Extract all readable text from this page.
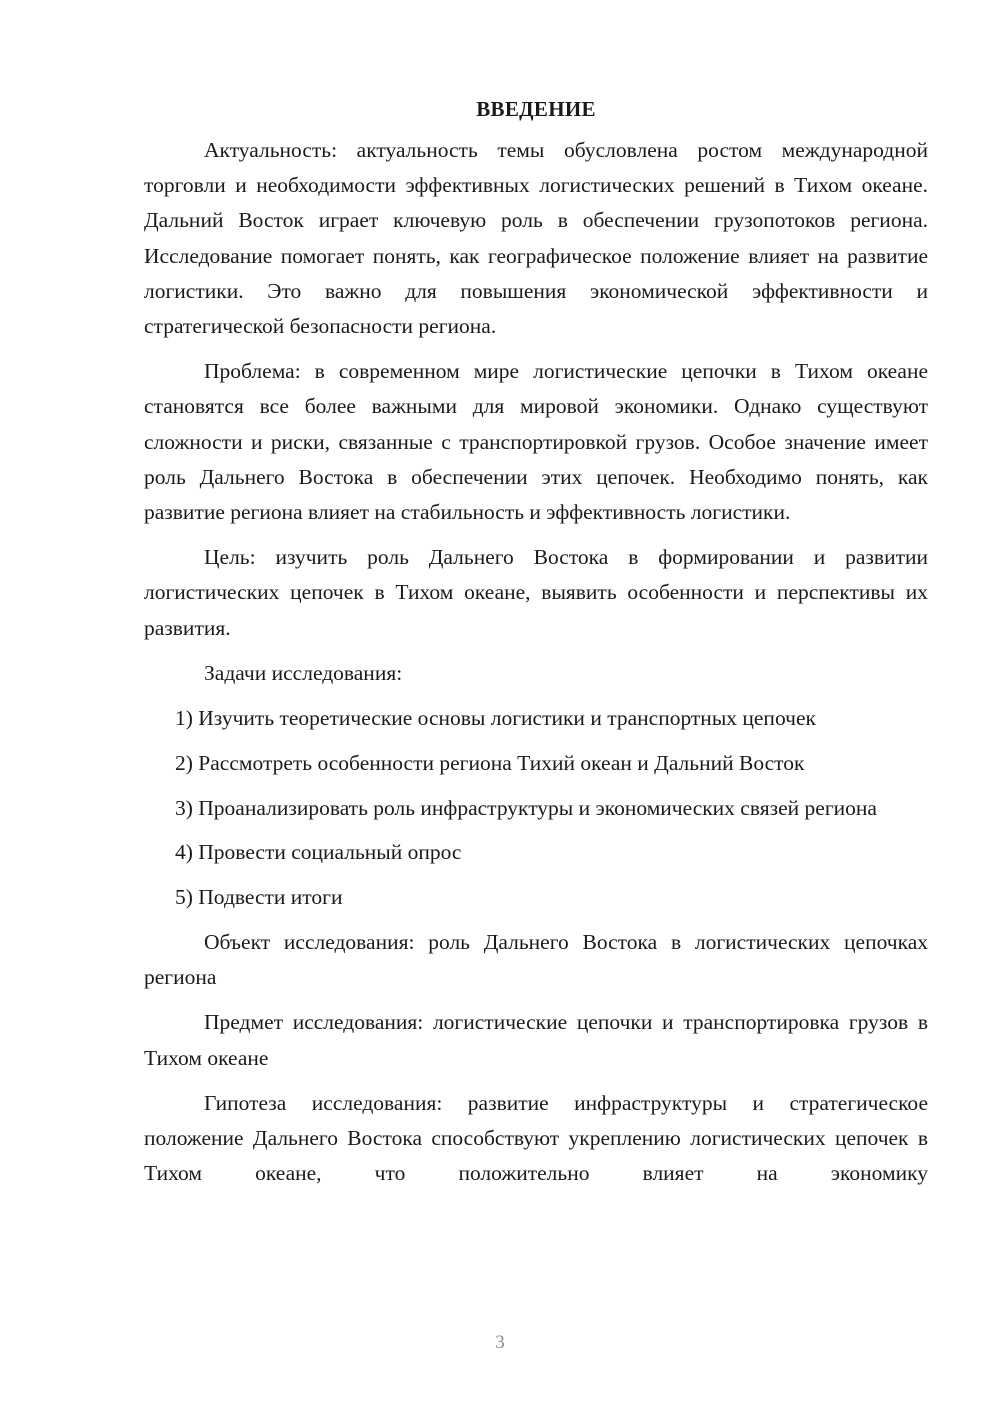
ВВЕДЕНИЕ

Актуальность: актуальность темы обусловлена ростом международной торговли и необходимости эффективных логистических решений в Тихом океане. Дальний Восток играет ключевую роль в обеспечении грузопотоков региона. Исследование помогает понять, как географическое положение влияет на развитие логистики. Это важно для повышения экономической эффективности и стратегической безопасности региона.

Проблема: в современном мире логистические цепочки в Тихом океане становятся все более важными для мировой экономики. Однако существуют сложности и риски, связанные с транспортировкой грузов. Особое значение имеет роль Дальнего Востока в обеспечении этих цепочек. Необходимо понять, как развитие региона влияет на стабильность и эффективность логистики.

Цель: изучить роль Дальнего Востока в формировании и развитии логистических цепочек в Тихом океане, выявить особенности и перспективы их развития.

Задачи исследования:

1) Изучить теоретические основы логистики и транспортных цепочек

2) Рассмотреть особенности региона Тихий океан и Дальний Восток

3) Проанализировать роль инфраструктуры и экономических связей региона

4) Провести социальный опрос

5) Подвести итоги

Объект исследования: роль Дальнего Востока в логистических цепочках региона

Предмет исследования: логистические цепочки и транспортировка грузов в Тихом океане

Гипотеза исследования: развитие инфраструктуры и стратегическое положение Дальнего Востока способствуют укреплению логистических цепочек в Тихом океане, что положительно влияет на экономику

3
